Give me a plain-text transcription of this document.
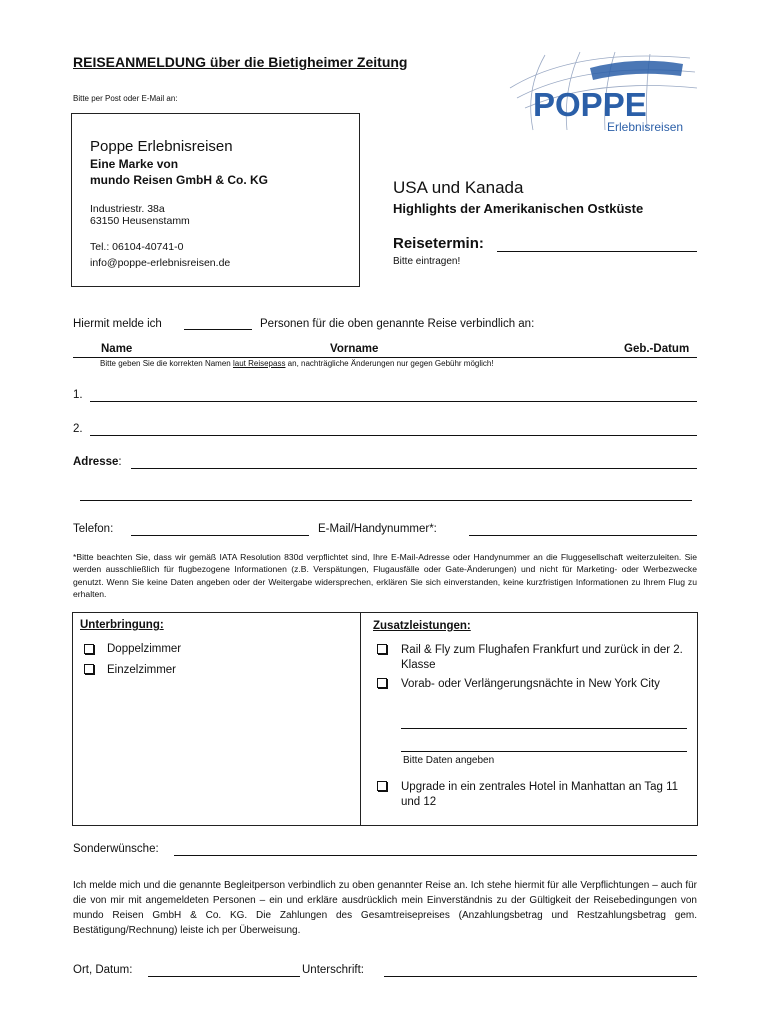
REISEANMELDUNG über die Bietigheimer Zeitung
Bitte per Post oder E-Mail an:	POPPE
Erlebnisreisen
Poppe Erlebnisreisen
Eine Marke von
mundo Reisen GmbH & Co. KG
Industriestr. 38a
63150 Heusenstamm
Tel.: 06104-40741-0
info@poppe-erlebnisreisen.de
USA und Kanada
Highlights der Amerikanischen Ostküste
Reisetermin:
Bitte eintragen!
Hiermit melde ich	Personen für die oben genannte Reise verbindlich an:
Name	Vorname	Geb.-Datum
Bitte geben Sie die korrekten Namen laut Reisepass an, nachträgliche Änderungen nur gegen Gebühr möglich!
1.
2.
Adresse:
Telefon:	E-Mail/Handynummer*:
*Bitte beachten Sie, dass wir gemäß IATA Resolution 830d verpflichtet sind, Ihre E-Mail-Adresse oder Handynummer an die Fluggesellschaft weiterzuleiten. Sie werden ausschließlich für flugbezogene Informationen (z.B. Verspätungen, Flugausfälle oder Gate-Änderungen) und nicht für Marketing- oder Werbezwecke genutzt. Wenn Sie keine Daten angeben oder der Weitergabe widersprechen, erklären Sie sich einverstanden, keine kurzfristigen Informationen zu Ihrem Flug zu erhalten.
Unterbringung:
Doppelzimmer
Einzelzimmer
Zusatzleistungen:
Rail & Fly zum Flughafen Frankfurt und zurück in der 2. Klasse
Vorab- oder Verlängerungsnächte in New York City
Bitte Daten angeben
Upgrade in ein zentrales Hotel in Manhattan an Tag 11 und 12
Sonderwünsche:
Ich melde mich und die genannte Begleitperson verbindlich zu oben genannter Reise an. Ich stehe hiermit für alle Verpflichtungen – auch für die von mir mit angemeldeten Personen – ein und erkläre ausdrücklich mein Einverständnis zu der Gültigkeit der Reisebedingungen von mundo Reisen GmbH & Co. KG. Die Zahlungen des Gesamtreisepreises (Anzahlungsbetrag und Restzahlungsbetrag gem. Bestätigung/Rechnung) leiste ich per Überweisung.
Ort, Datum:	Unterschrift:
